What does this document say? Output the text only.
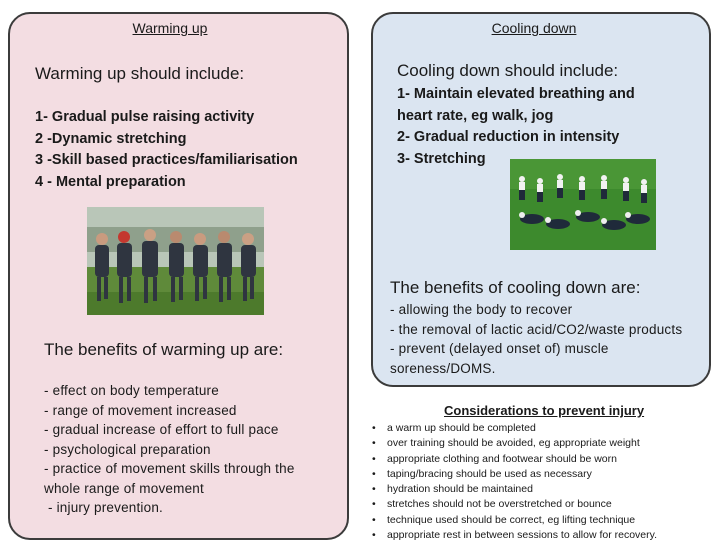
Warming up	Cooling down
Warming up should include:
1- Gradual pulse raising activity
2 -Dynamic stretching
3 -Skill based practices/familiarisation
4 - Mental preparation
Cooling down should include:
1- Maintain elevated breathing and
heart rate, eg walk, jog
2- Gradual reduction in intensity
3- Stretching
The benefits of cooling down are:
- allowing the body to recover
- the removal of lactic acid/CO2/waste products
- prevent (delayed onset of) muscle
soreness/DOMS.
The benefits of warming up are:
- effect on body temperature
- range of movement increased
- gradual increase of effort to full pace
- psychological preparation
- practice of movement skills through the
whole range of movement
- injury prevention.
Considerations to prevent injury
• a warm up should be completed
• over training should be avoided, eg appropriate weight
• appropriate clothing and footwear should be worn
• taping/bracing should be used as necessary
• hydration should be maintained
• stretches should not be overstretched or bounce
• technique used should be correct, eg lifting technique
• appropriate rest in between sessions to allow for recovery.
